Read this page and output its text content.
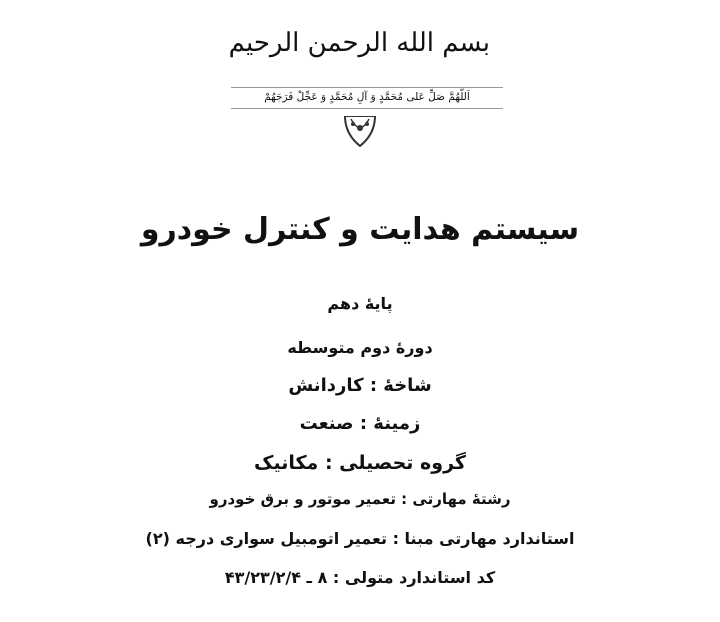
بسم الله الرحمن الرحیم
اَللّهُمَّ صَلِّ عَلی مُحَمَّدٍ وَ آلِ مُحَمَّدٍ وَ عَجِّلْ فَرَجَهُمْ
سیستم هدایت و کنترل خودرو
پایۀ دهم
دورۀ دوم متوسطه
شاخۀ : کاردانش
زمینۀ : صنعت
گروه تحصیلی : مکانیک
رشتۀ مهارتی : تعمیر موتور و برق خودرو
استاندارد مهارتی مبنا : تعمیر اتومبیل سواری درجه (۲)
کد استاندارد متولی : ۸ ـ ۴۳/۲۳/۲/۴
